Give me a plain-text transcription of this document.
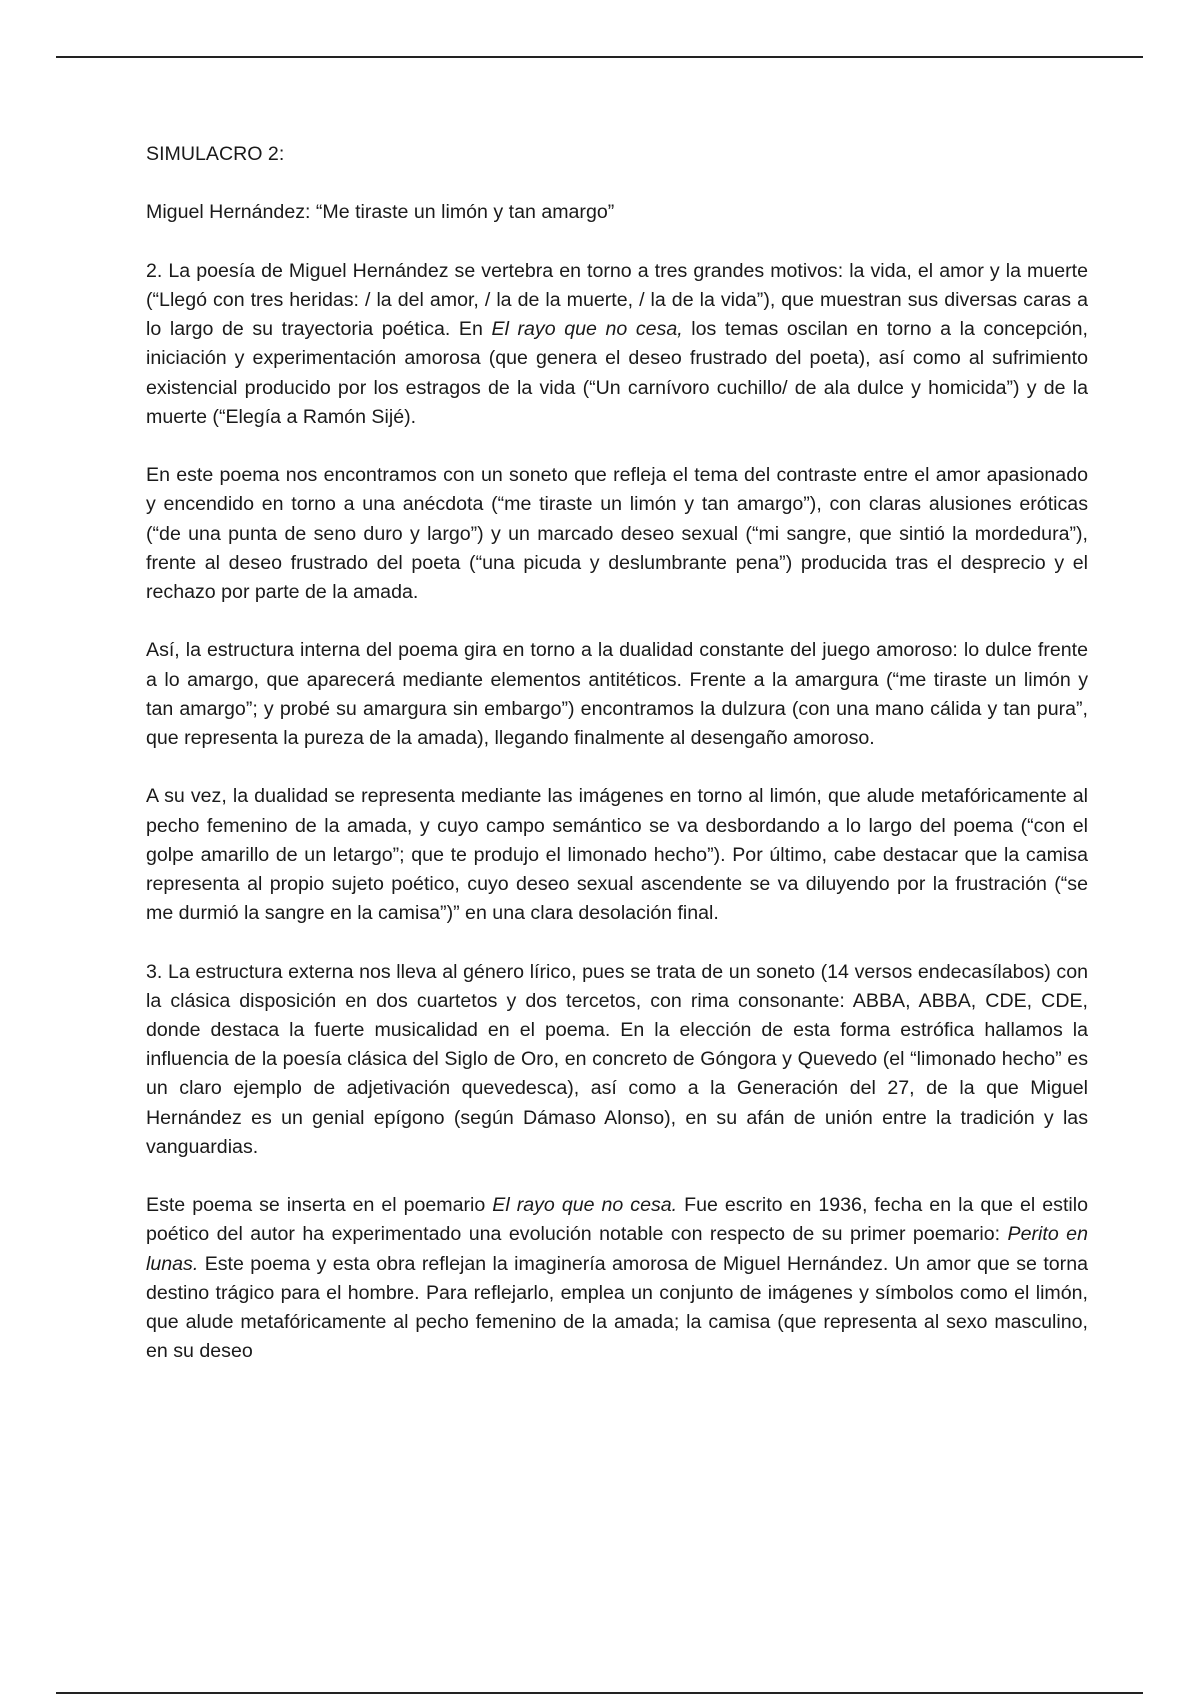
SIMULACRO 2:

Miguel Hernández: “Me tiraste un limón y tan amargo”

2. La poesía de Miguel Hernández se vertebra en torno a tres grandes motivos: la vida, el amor y la muerte (“Llegó con tres heridas: / la del amor, / la de la muerte, / la de la vida”), que muestran sus diversas caras a lo largo de su trayectoria poética. En El rayo que no cesa, los temas oscilan en torno a la concepción, iniciación y experimentación amorosa (que genera el deseo frustrado del poeta), así como al sufrimiento existencial producido por los estragos de la vida (“Un carnívoro cuchillo/ de ala dulce y homicida”) y de la muerte (“Elegía a Ramón Sijé).

En este poema nos encontramos con un soneto que refleja el tema del contraste entre el amor apasionado y encendido en torno a una anécdota (“me tiraste un limón y tan amargo”), con claras alusiones eróticas (“de una punta de seno duro y largo”) y un marcado deseo sexual (“mi sangre, que sintió la mordedura”), frente al deseo frustrado del poeta (“una picuda y deslumbrante pena”) producida tras el desprecio y el rechazo por parte de la amada.

Así, la estructura interna del poema gira en torno a la dualidad constante del juego amoroso: lo dulce frente a lo amargo, que aparecerá mediante elementos antitéticos. Frente a la amargura (“me tiraste un limón y tan amargo”; y probé su amargura sin embargo”) encontramos la dulzura (con una mano cálida y tan pura”, que representa la pureza de la amada), llegando finalmente al desengaño amoroso.

A su vez, la dualidad se representa mediante las imágenes en torno al limón, que alude metafóricamente al pecho femenino de la amada, y cuyo campo semántico se va desbordando a lo largo del poema (“con el golpe amarillo de un letargo”; que te produjo el limonado hecho”). Por último, cabe destacar que la camisa representa al propio sujeto poético, cuyo deseo sexual ascendente se va diluyendo por la frustración (“se me durmió la sangre en la camisa”)” en una clara desolación final.

3. La estructura externa nos lleva al género lírico, pues se trata de un soneto (14 versos endecasílabos) con la clásica disposición en dos cuartetos y dos tercetos, con rima consonante: ABBA, ABBA, CDE, CDE, donde destaca la fuerte musicalidad en el poema. En la elección de esta forma estrófica hallamos la influencia de la poesía clásica del Siglo de Oro, en concreto de Góngora y Quevedo (el “limonado hecho” es un claro ejemplo de adjetivación quevedesca), así como a la Generación del 27, de la que Miguel Hernández es un genial epígono (según Dámaso Alonso), en su afán de unión entre la tradición y las vanguardias.

Este poema se inserta en el poemario El rayo que no cesa. Fue escrito en 1936, fecha en la que el estilo poético del autor ha experimentado una evolución notable con respecto de su primer poemario: Perito en lunas. Este poema y esta obra reflejan la imaginería amorosa de Miguel Hernández. Un amor que se torna destino trágico para el hombre. Para reflejarlo, emplea un conjunto de imágenes y símbolos como el limón, que alude metafóricamente al pecho femenino de la amada; la camisa (que representa al sexo masculino, en su deseo
